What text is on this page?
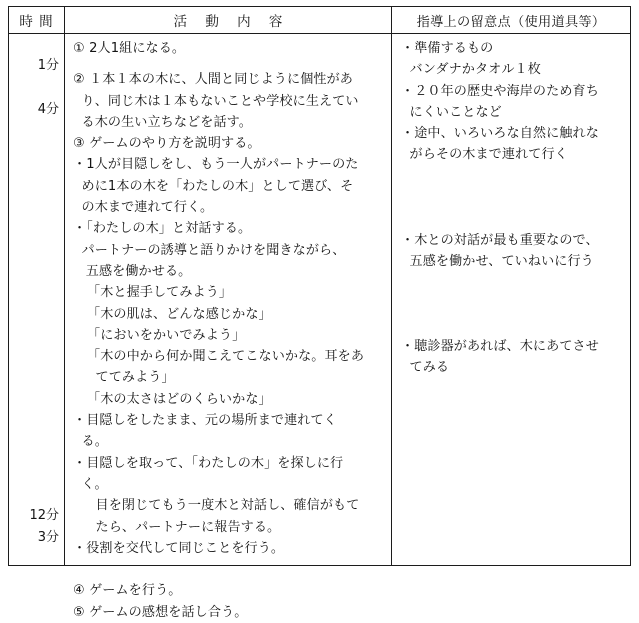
時 間	活 動 内 容	指導上の留意点（使用道具等）
1分
4分
12分
3分
① 2人1組になる。
② １本１本の木に、人間と同じように個性があ
り、同じ木は１本もないことや学校に生えてい
る木の生い立ちなどを話す。
③ ゲームのやり方を説明する。
・1人が目隠しをし、もう一人がパートナーのた
めに1本の木を「わたしの木」として選び、そ
の木まで連れて行く。
・「わたしの木」と対話する。
パートナーの誘導と語りかけを聞きながら、
五感を働かせる。
「木と握手してみよう」
「木の肌は、どんな感じかな」
「においをかいでみよう」
「木の中から何か聞こえてこないかな。耳をあ
ててみよう」
「木の太さはどのくらいかな」
・目隠しをしたまま、元の場所まで連れてく
る。
・目隠しを取って、「わたしの木」を探しに行
く。
目を閉じてもう一度木と対話し、確信がもて
たら、パートナーに報告する。
・役割を交代して同じことを行う。
④ ゲームを行う。
⑤ ゲームの感想を話し合う。
・準備するもの
バンダナかタオル１枚
・２０年の歴史や海岸のため育ち
にくいことなど
・途中、いろいろな自然に触れな
がらその木まで連れて行く
・木との対話が最も重要なので、
五感を働かせ、ていねいに行う
・聴診器があれば、木にあてさせ
てみる
